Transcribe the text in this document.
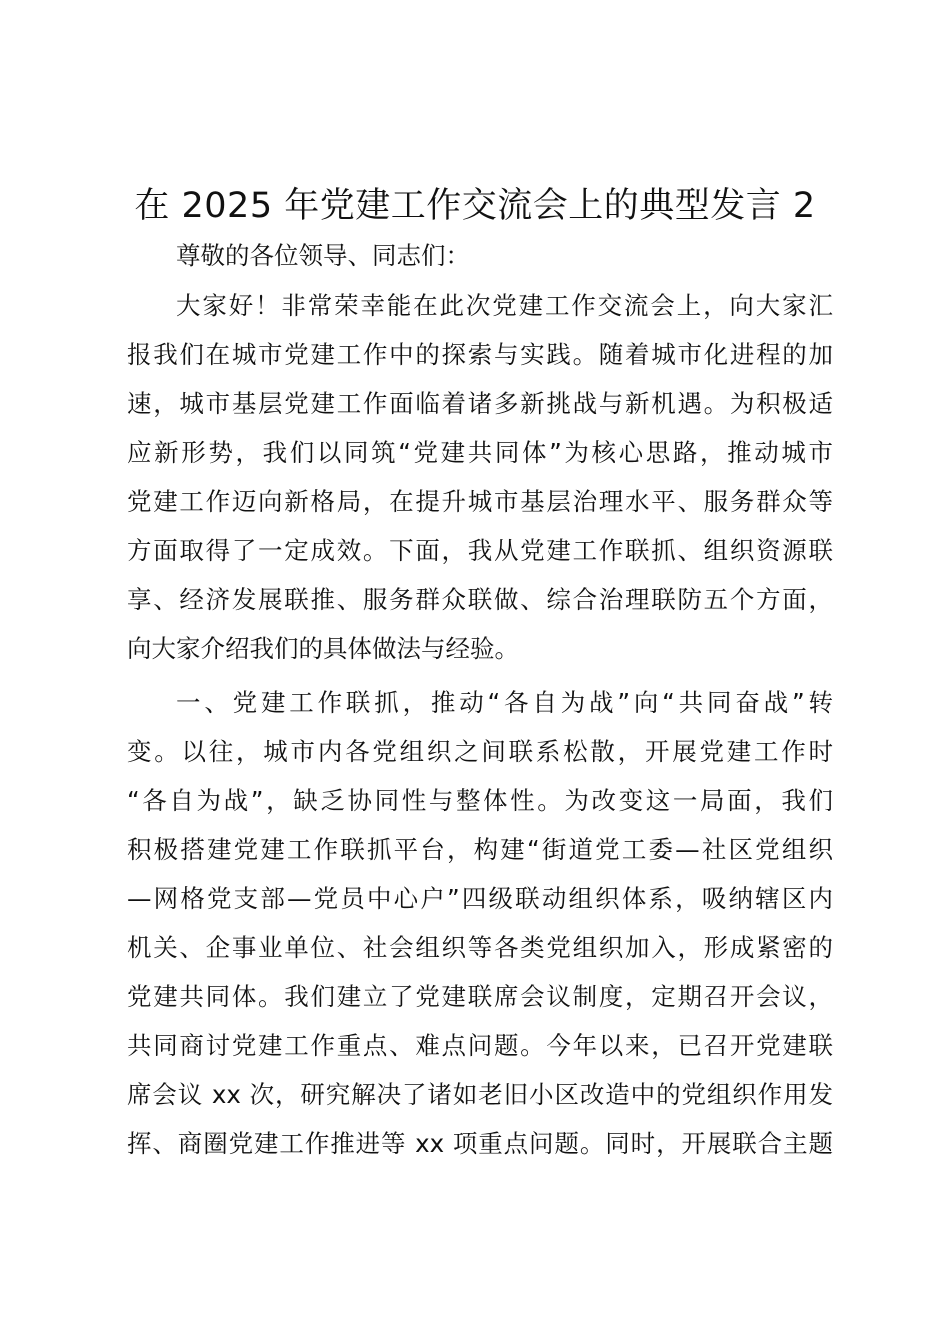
在 2025 年党建工作交流会上的典型发言 2
尊敬的各位领导、同志们：
大家好！非常荣幸能在此次党建工作交流会上，向大家汇
报我们在城市党建工作中的探索与实践。随着城市化进程的加
速，城市基层党建工作面临着诸多新挑战与新机遇。为积极适
应新形势，我们以同筑“党建共同体”为核心思路，推动城市
党建工作迈向新格局，在提升城市基层治理水平、服务群众等
方面取得了一定成效。下面，我从党建工作联抓、组织资源联
享、经济发展联推、服务群众联做、综合治理联防五个方面，
向大家介绍我们的具体做法与经验。
一、党建工作联抓，推动“各自为战”向“共同奋战”转
变。以往，城市内各党组织之间联系松散，开展党建工作时
“各自为战”，缺乏协同性与整体性。为改变这一局面，我们
积极搭建党建工作联抓平台，构建“街道党工委—社区党组织
—网格党支部—党员中心户”四级联动组织体系，吸纳辖区内
机关、企事业单位、社会组织等各类党组织加入，形成紧密的
党建共同体。我们建立了党建联席会议制度，定期召开会议，
共同商讨党建工作重点、难点问题。今年以来，已召开党建联
席会议 xx 次，研究解决了诸如老旧小区改造中的党组织作用发
挥、商圈党建工作推进等 xx 项重点问题。同时，开展联合主题
